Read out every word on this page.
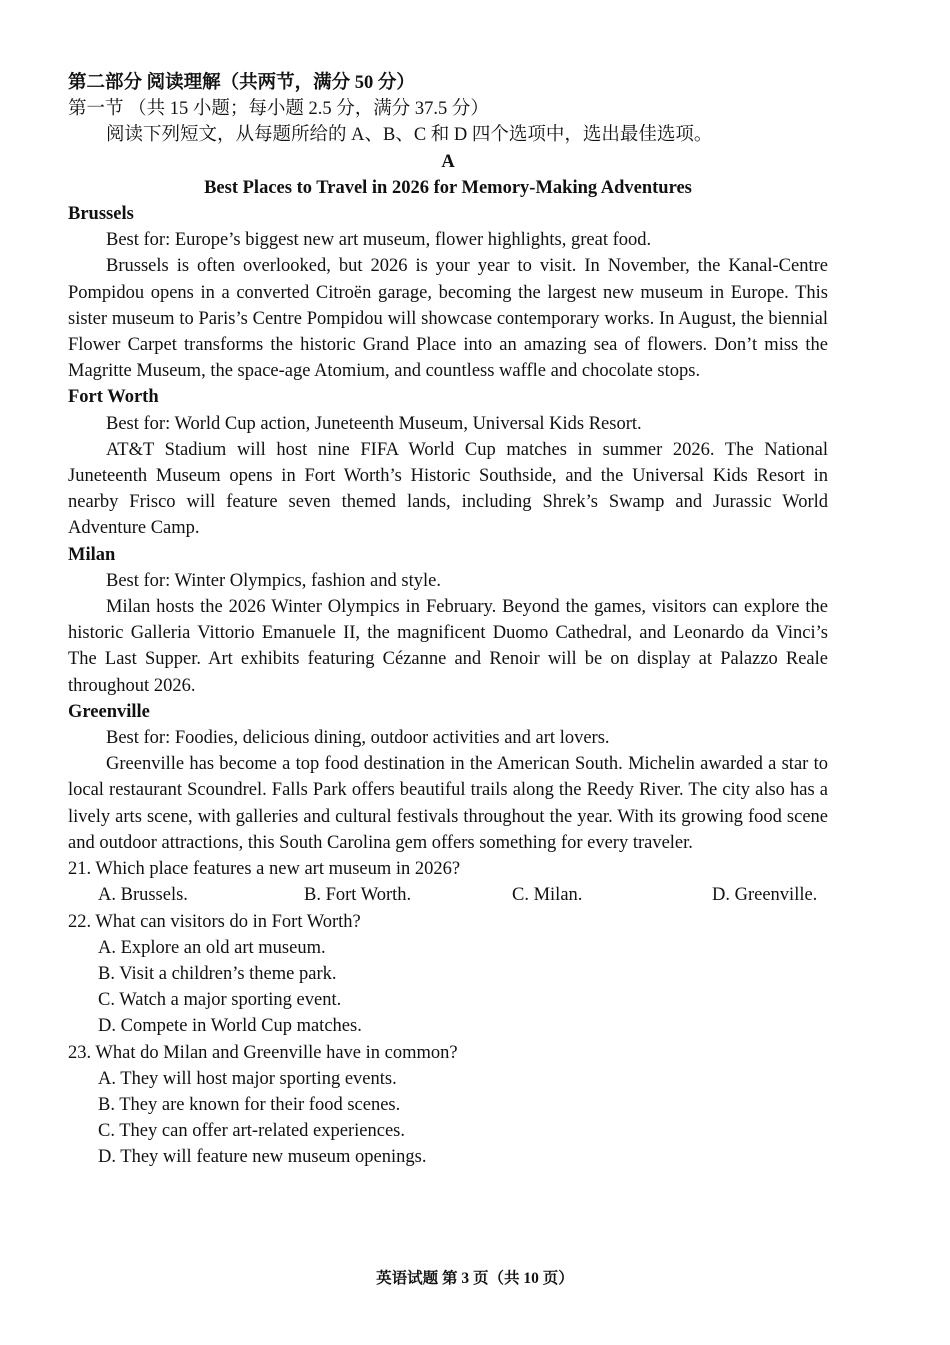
第二部分 阅读理解（共两节，满分 50 分）
第一节 （共 15 小题；每小题 2.5 分，满分 37.5 分）
阅读下列短文，从每题所给的 A、B、C 和 D 四个选项中，选出最佳选项。
A
Best Places to Travel in 2026 for Memory-Making Adventures
Brussels
Best for: Europe’s biggest new art museum, flower highlights, great food.
Brussels is often overlooked, but 2026 is your year to visit. In November, the Kanal-Centre Pompidou opens in a converted Citroën garage, becoming the largest new museum in Europe. This sister museum to Paris’s Centre Pompidou will showcase contemporary works. In August, the biennial Flower Carpet transforms the historic Grand Place into an amazing sea of flowers. Don’t miss the Magritte Museum, the space-age Atomium, and countless waffle and chocolate stops.
Fort Worth
Best for: World Cup action, Juneteenth Museum, Universal Kids Resort.
AT&T Stadium will host nine FIFA World Cup matches in summer 2026. The National Juneteenth Museum opens in Fort Worth’s Historic Southside, and the Universal Kids Resort in nearby Frisco will feature seven themed lands, including Shrek’s Swamp and Jurassic World Adventure Camp.
Milan
Best for: Winter Olympics, fashion and style.
Milan hosts the 2026 Winter Olympics in February. Beyond the games, visitors can explore the historic Galleria Vittorio Emanuele II, the magnificent Duomo Cathedral, and Leonardo da Vinci’s The Last Supper. Art exhibits featuring Cézanne and Renoir will be on display at Palazzo Reale throughout 2026.
Greenville
Best for: Foodies, delicious dining, outdoor activities and art lovers.
Greenville has become a top food destination in the American South. Michelin awarded a star to local restaurant Scoundrel. Falls Park offers beautiful trails along the Reedy River. The city also has a lively arts scene, with galleries and cultural festivals throughout the year. With its growing food scene and outdoor attractions, this South Carolina gem offers something for every traveler.
21. Which place features a new art museum in 2026?
A. Brussels.	B. Fort Worth.	C. Milan.	D. Greenville.
22. What can visitors do in Fort Worth?
A. Explore an old art museum.
B. Visit a children’s theme park.
C. Watch a major sporting event.
D. Compete in World Cup matches.
23. What do Milan and Greenville have in common?
A. They will host major sporting events.
B. They are known for their food scenes.
C. They can offer art-related experiences.
D. They will feature new museum openings.
英语试题 第 3 页（共 10 页）
